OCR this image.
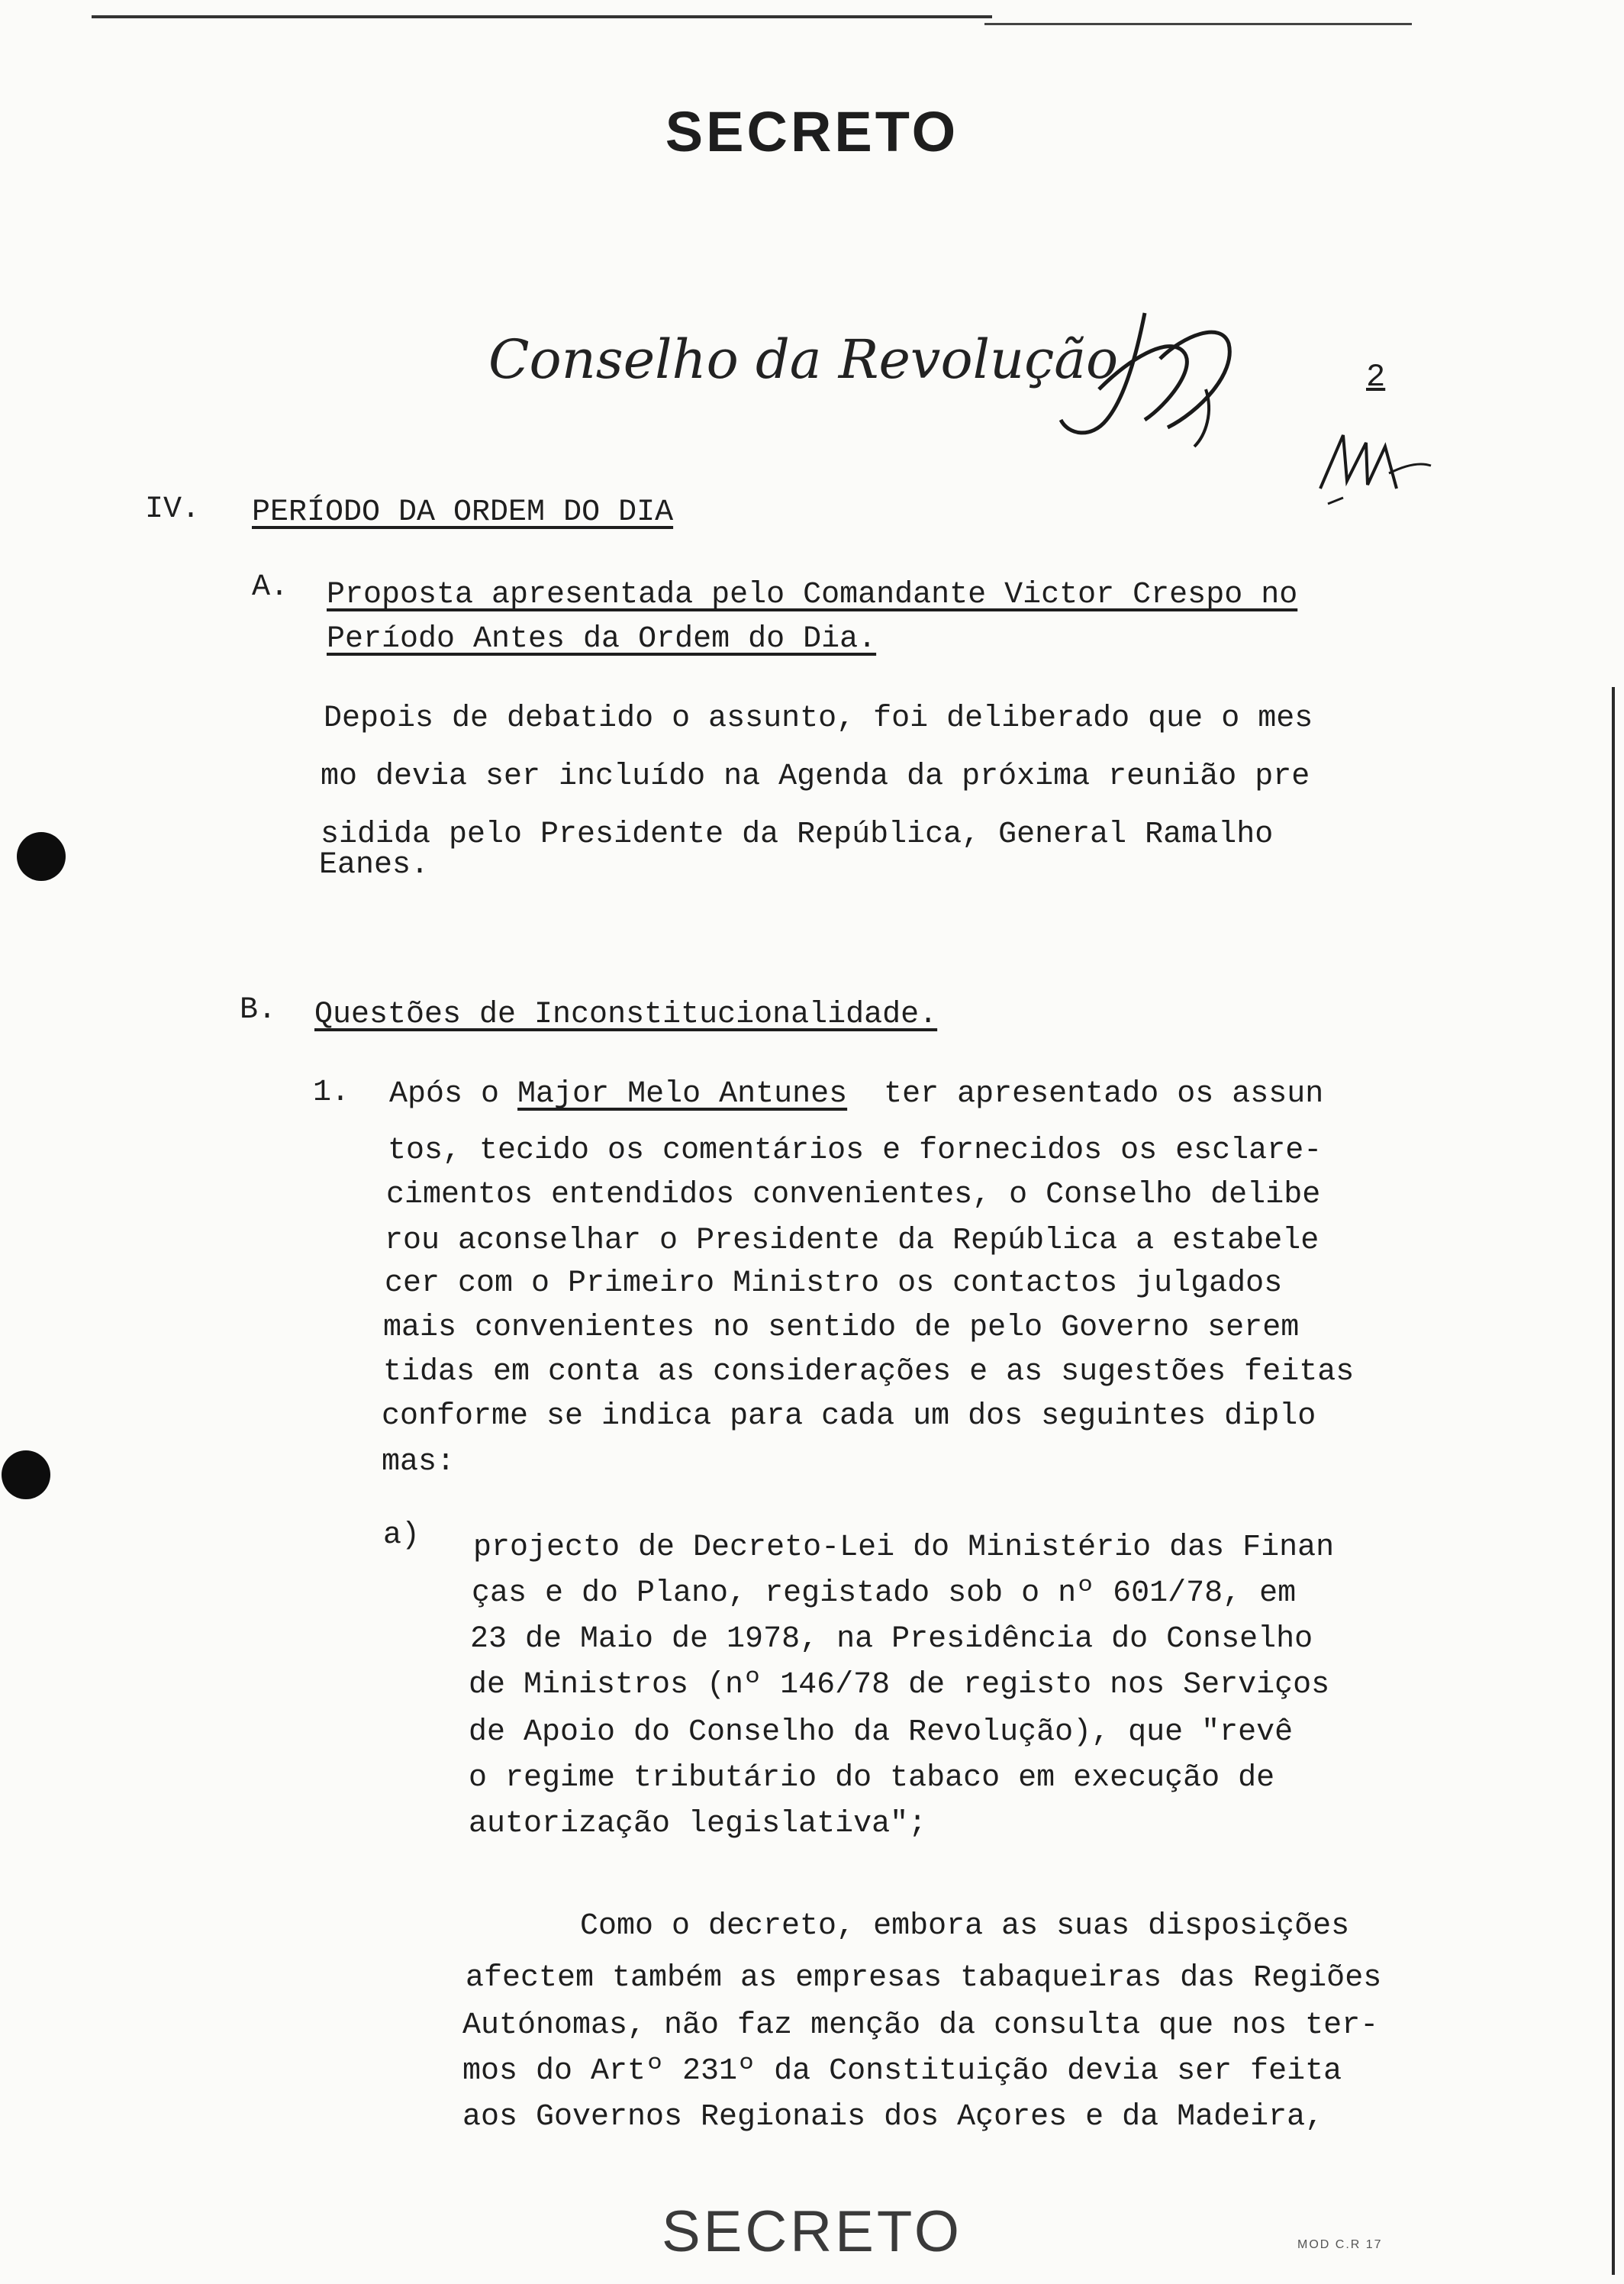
SECRETO
Conselho da Revolução	2
IV. PERÍODO DA ORDEM DO DIA
A. Proposta apresentada pelo Comandante Victor Crespo no
Período Antes da Ordem do Dia.
Depois de debatido o assunto, foi deliberado que o mes
mo devia ser incluído na Agenda da próxima reunião pre
sidida pelo Presidente da República, General Ramalho
Eanes.
B. Questões de Inconstitucionalidade.
1. Após o Major Melo Antunes ter apresentado os assun
tos, tecido os comentários e fornecidos os esclare-
cimentos entendidos convenientes, o Conselho delibe
rou aconselhar o Presidente da República a estabele
cer com o Primeiro Ministro os contactos julgados
mais convenientes no sentido de pelo Governo serem
tidas em conta as considerações e as sugestões feitas
conforme se indica para cada um dos seguintes diplo
mas:
a) projecto de Decreto-Lei do Ministério das Finan
ças e do Plano, registado sob o nº 601/78, em
23 de Maio de 1978, na Presidência do Conselho
de Ministros (nº 146/78 de registo nos Serviços
de Apoio do Conselho da Revolução), que "revê
o regime tributário do tabaco em execução de
autorização legislativa";
Como o decreto, embora as suas disposições
afectem também as empresas tabaqueiras das Regiões
Autónomas, não faz menção da consulta que nos ter-
mos do Artº 231º da Constituição devia ser feita
aos Governos Regionais dos Açores e da Madeira,
SECRETO	MOD C.R 17
